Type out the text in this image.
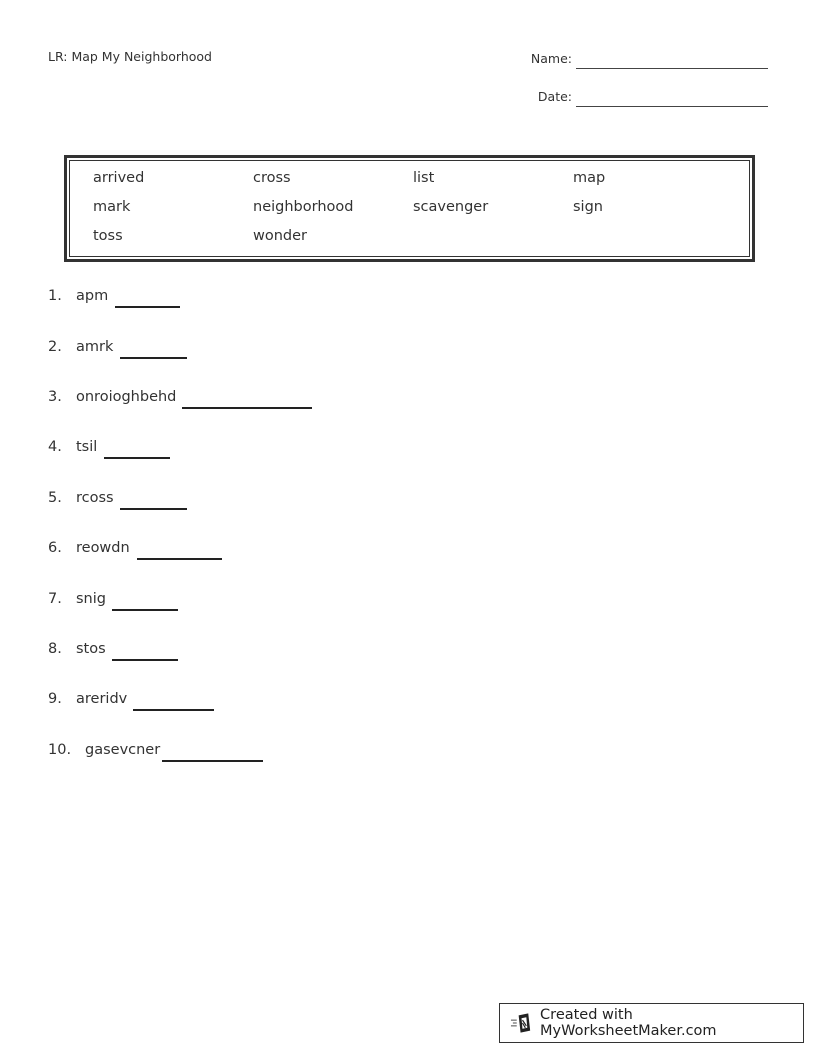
LR: Map My Neighborhood	Name:
Date:
arrived	cross	list	map
mark	neighborhood	scavenger	sign
toss	wonder
1. apm
2. amrk
3. onroioghbehd
4. tsil
5. rcoss
6. reowdn
7. snig
8. stos
9. areridv
10. gasevcner
Created with MyWorksheetMaker.com
